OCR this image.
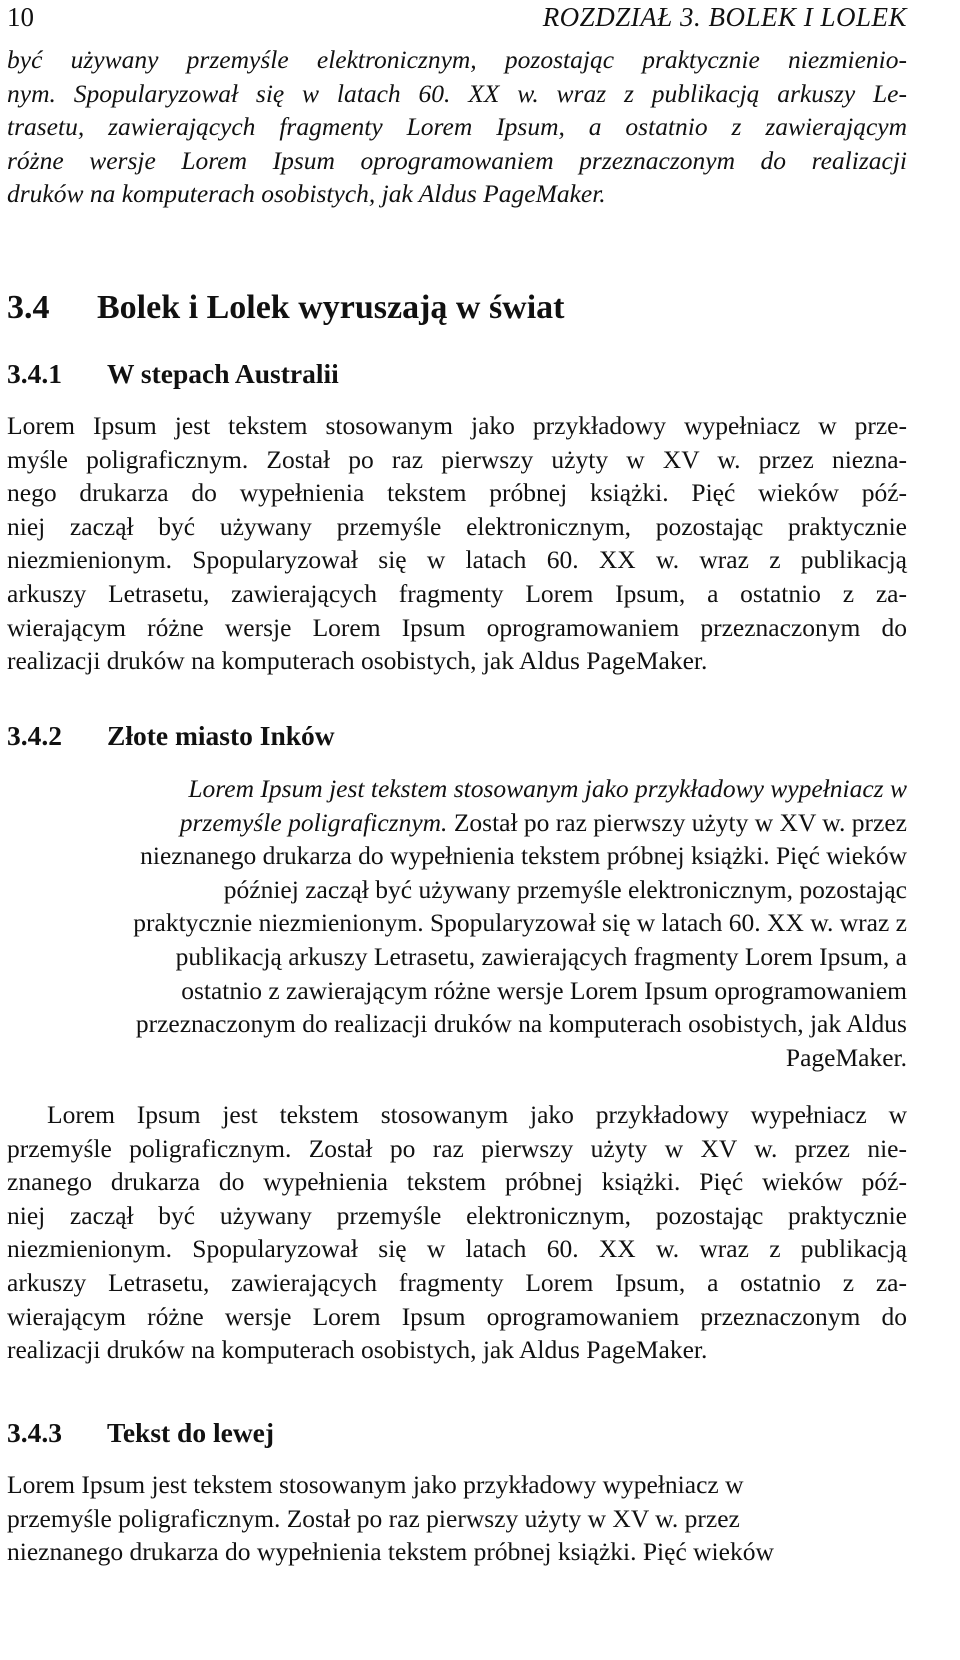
10	ROZDZIAŁ 3. BOLEK I LOLEK
być używany przemyśle elektronicznym, pozostając praktycznie niezmienio-
nym. Spopularyzował się w latach 60. XX w. wraz z publikacją arkuszy Le-
trasetu, zawierających fragmenty Lorem Ipsum, a ostatnio z zawierającym
różne wersje Lorem Ipsum oprogramowaniem przeznaczonym do realizacji
druków na komputerach osobistych, jak Aldus PageMaker.
3.4 Bolek i Lolek wyruszają w świat
3.4.1 W stepach Australii
Lorem Ipsum jest tekstem stosowanym jako przykładowy wypełniacz w prze-
myśle poligraficznym. Został po raz pierwszy użyty w XV w. przez niezna-
nego drukarza do wypełnienia tekstem próbnej książki. Pięć wieków póź-
niej zaczął być używany przemyśle elektronicznym, pozostając praktycznie
niezmienionym. Spopularyzował się w latach 60. XX w. wraz z publikacją
arkuszy Letrasetu, zawierających fragmenty Lorem Ipsum, a ostatnio z za-
wierającym różne wersje Lorem Ipsum oprogramowaniem przeznaczonym do
realizacji druków na komputerach osobistych, jak Aldus PageMaker.
3.4.2 Złote miasto Inków
Lorem Ipsum jest tekstem stosowanym jako przykładowy wypełniacz w
przemyśle poligraficznym. Został po raz pierwszy użyty w XV w. przez
nieznanego drukarza do wypełnienia tekstem próbnej książki. Pięć wieków
później zaczął być używany przemyśle elektronicznym, pozostając
praktycznie niezmienionym. Spopularyzował się w latach 60. XX w. wraz z
publikacją arkuszy Letrasetu, zawierających fragmenty Lorem Ipsum, a
ostatnio z zawierającym różne wersje Lorem Ipsum oprogramowaniem
przeznaczonym do realizacji druków na komputerach osobistych, jak Aldus
PageMaker.
Lorem Ipsum jest tekstem stosowanym jako przykładowy wypełniacz w
przemyśle poligraficznym. Został po raz pierwszy użyty w XV w. przez nie-
znanego drukarza do wypełnienia tekstem próbnej książki. Pięć wieków póź-
niej zaczął być używany przemyśle elektronicznym, pozostając praktycznie
niezmienionym. Spopularyzował się w latach 60. XX w. wraz z publikacją
arkuszy Letrasetu, zawierających fragmenty Lorem Ipsum, a ostatnio z za-
wierającym różne wersje Lorem Ipsum oprogramowaniem przeznaczonym do
realizacji druków na komputerach osobistych, jak Aldus PageMaker.
3.4.3 Tekst do lewej
Lorem Ipsum jest tekstem stosowanym jako przykładowy wypełniacz w
przemyśle poligraficznym. Został po raz pierwszy użyty w XV w. przez
nieznanego drukarza do wypełnienia tekstem próbnej książki. Pięć wieków
